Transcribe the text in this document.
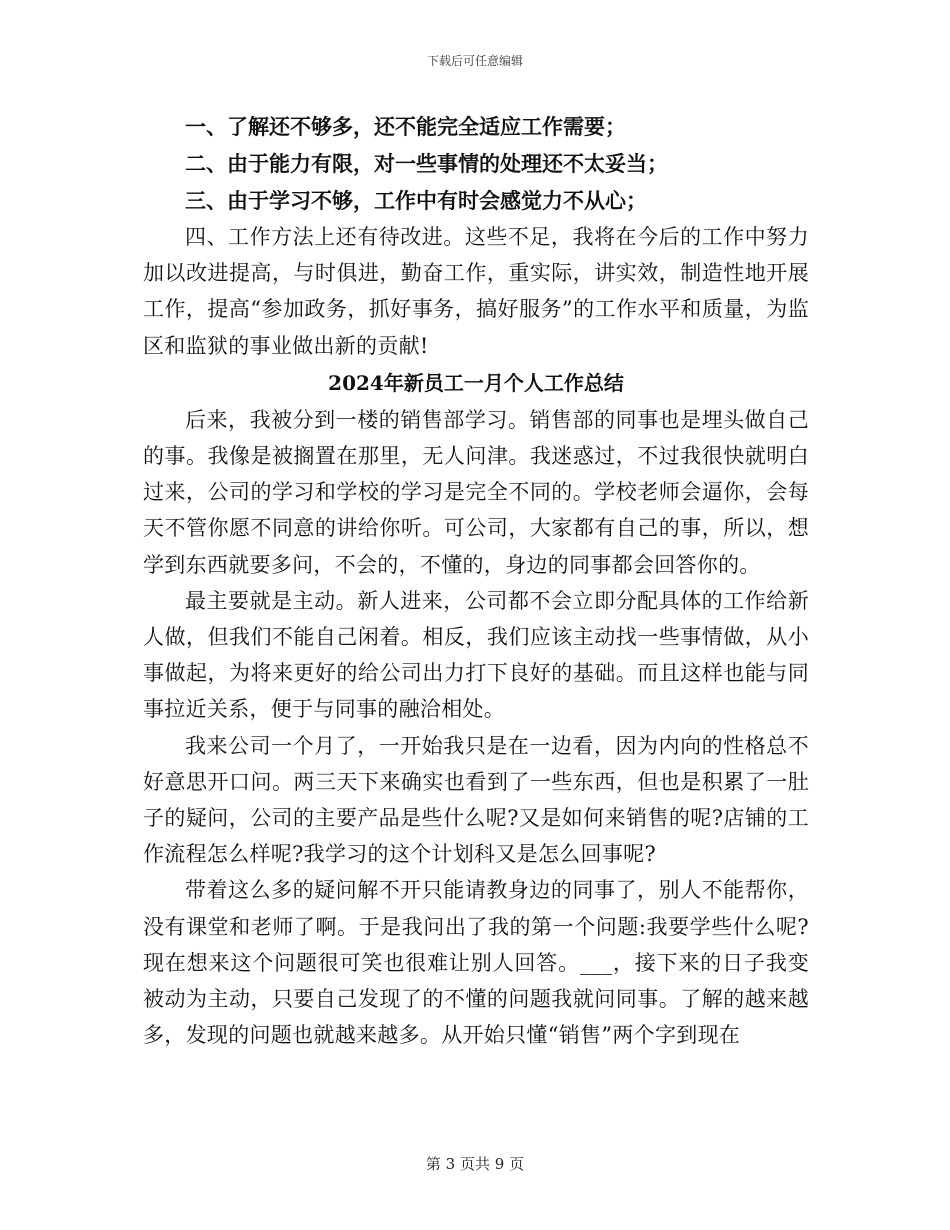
下载后可任意编辑

一、了解还不够多，还不能完全适应工作需要；

二、由于能力有限，对一些事情的处理还不太妥当；

三、由于学习不够，工作中有时会感觉力不从心；

四、工作方法上还有待改进。这些不足，我将在今后的工作中努力加以改进提高，与时俱进，勤奋工作，重实际，讲实效，制造性地开展工作，提高“参加政务，抓好事务，搞好服务”的工作水平和质量，为监区和监狱的事业做出新的贡献!

2024年新员工一月个人工作总结

后来，我被分到一楼的销售部学习。销售部的同事也是埋头做自己的事。我像是被搁置在那里，无人问津。我迷惑过，不过我很快就明白过来，公司的学习和学校的学习是完全不同的。学校老师会逼你，会每天不管你愿不同意的讲给你听。可公司，大家都有自己的事，所以，想学到东西就要多问，不会的，不懂的，身边的同事都会回答你的。

最主要就是主动。新人进来，公司都不会立即分配具体的工作给新人做，但我们不能自己闲着。相反，我们应该主动找一些事情做，从小事做起，为将来更好的给公司出力打下良好的基础。而且这样也能与同事拉近关系，便于与同事的融洽相处。

我来公司一个月了，一开始我只是在一边看，因为内向的性格总不好意思开口问。两三天下来确实也看到了一些东西，但也是积累了一肚子的疑问，公司的主要产品是些什么呢?又是如何来销售的呢?店铺的工作流程怎么样呢?我学习的这个计划科又是怎么回事呢?

带着这么多的疑问解不开只能请教身边的同事了，别人不能帮你，没有课堂和老师了啊。于是我问出了我的第一个问题:我要学些什么呢?现在想来这个问题很可笑也很难让别人回答。___，接下来的日子我变被动为主动，只要自己发现了的不懂的问题我就问同事。了解的越来越多，发现的问题也就越来越多。从开始只懂“销售”两个字到现在

第 3 页共 9 页
